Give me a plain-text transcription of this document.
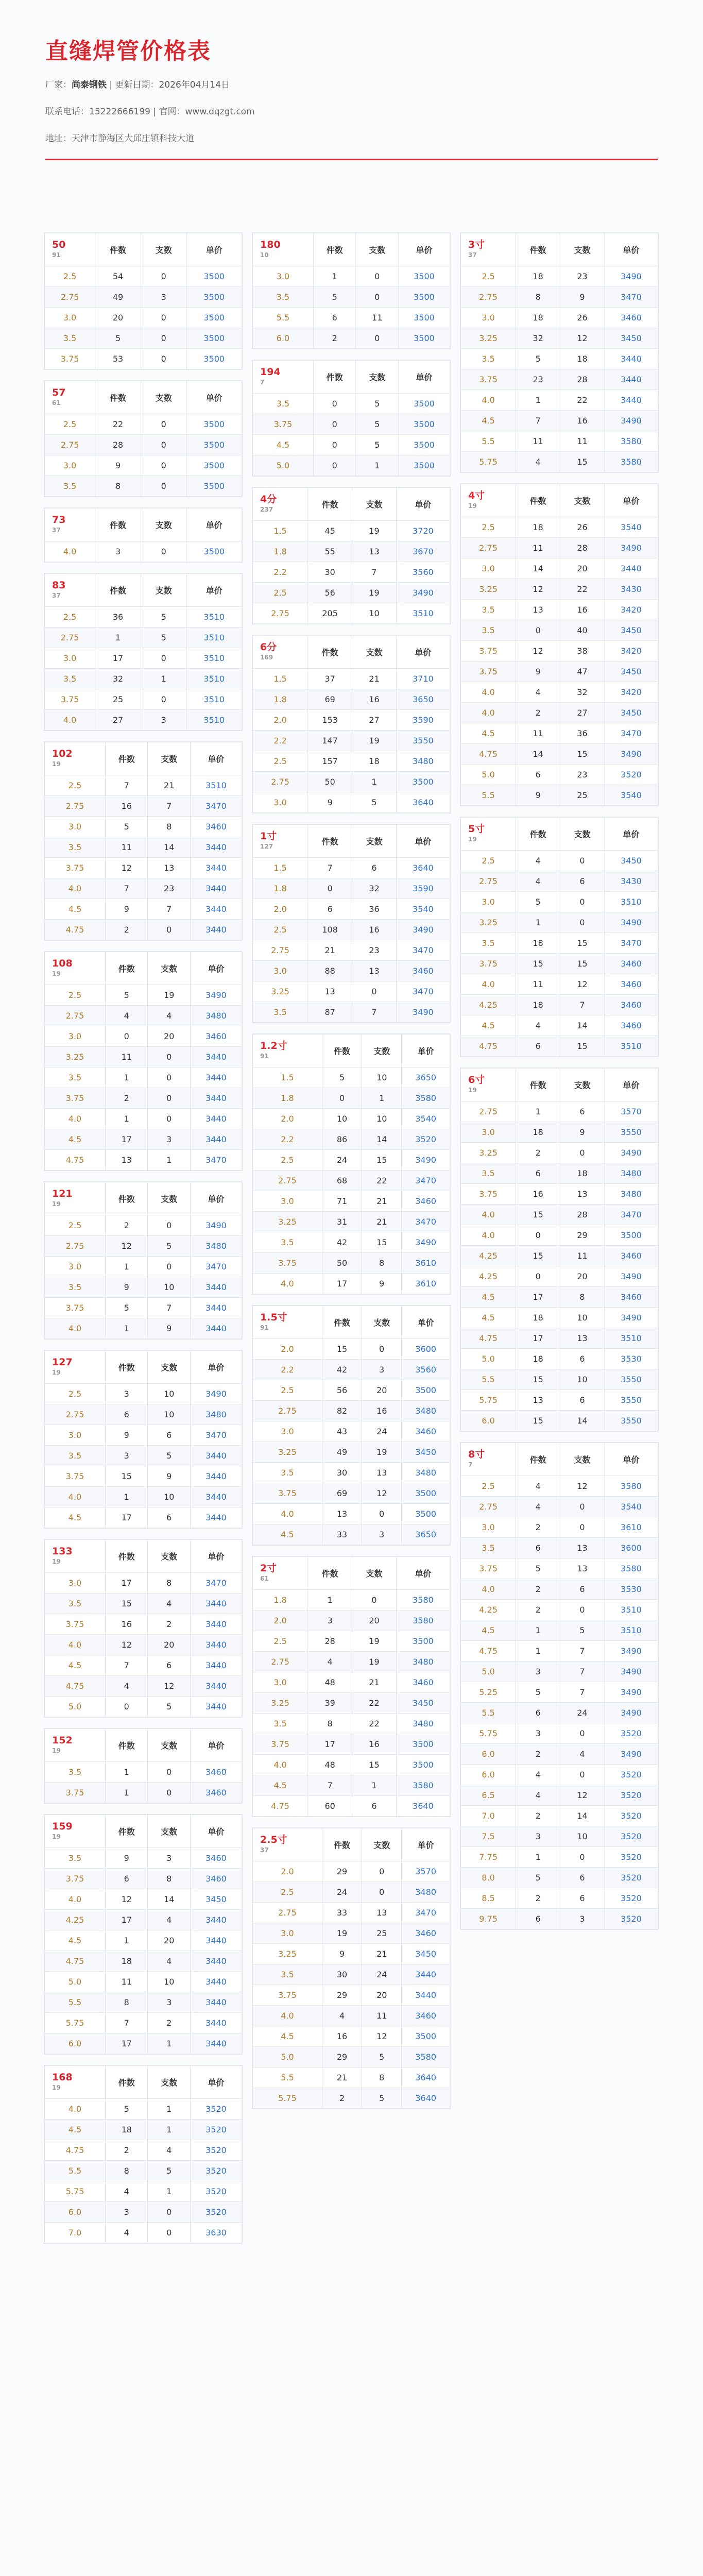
直缝焊管价格表
厂家：尚泰钢铁 | 更新日期：2026年04月14日
联系电话：15222666199 | 官网：www.dqzgt.com
地址：天津市静海区大邱庄镇科技大道
50
91	件数	支数	单价
2.5	54	0	3500
2.75	49	3	3500
3.0	20	0	3500
3.5	5	0	3500
3.75	53	0	3500
57
61	件数	支数	单价
2.5	22	0	3500
2.75	28	0	3500
3.0	9	0	3500
3.5	8	0	3500
73
37	件数	支数	单价
4.0	3	0	3500
83
37	件数	支数	单价
2.5	36	5	3510
2.75	1	5	3510
3.0	17	0	3510
3.5	32	1	3510
3.75	25	0	3510
4.0	27	3	3510
102
19	件数	支数	单价
2.5	7	21	3510
2.75	16	7	3470
3.0	5	8	3460
3.5	11	14	3440
3.75	12	13	3440
4.0	7	23	3440
4.5	9	7	3440
4.75	2	0	3440
108
19	件数	支数	单价
2.5	5	19	3490
2.75	4	4	3480
3.0	0	20	3460
3.25	11	0	3440
3.5	1	0	3440
3.75	2	0	3440
4.0	1	0	3440
4.5	17	3	3440
4.75	13	1	3470
121
19	件数	支数	单价
2.5	2	0	3490
2.75	12	5	3480
3.0	1	0	3470
3.5	9	10	3440
3.75	5	7	3440
4.0	1	9	3440
127
19	件数	支数	单价
2.5	3	10	3490
2.75	6	10	3480
3.0	9	6	3470
3.5	3	5	3440
3.75	15	9	3440
4.0	1	10	3440
4.5	17	6	3440
133
19	件数	支数	单价
3.0	17	8	3470
3.5	15	4	3440
3.75	16	2	3440
4.0	12	20	3440
4.5	7	6	3440
4.75	4	12	3440
5.0	0	5	3440
152
19	件数	支数	单价
3.5	1	0	3460
3.75	1	0	3460
159
19	件数	支数	单价
3.5	9	3	3460
3.75	6	8	3460
4.0	12	14	3450
4.25	17	4	3440
4.5	1	20	3440
4.75	18	4	3440
5.0	11	10	3440
5.5	8	3	3440
5.75	7	2	3440
6.0	17	1	3440
168
19	件数	支数	单价
4.0	5	1	3520
4.5	18	1	3520
4.75	2	4	3520
5.5	8	5	3520
5.75	4	1	3520
6.0	3	0	3520
7.0	4	0	3630
180
10	件数	支数	单价
3.0	1	0	3500
3.5	5	0	3500
5.5	6	11	3500
6.0	2	0	3500
194
7	件数	支数	单价
3.5	0	5	3500
3.75	0	5	3500
4.5	0	5	3500
5.0	0	1	3500
4分
237	件数	支数	单价
1.5	45	19	3720
1.8	55	13	3670
2.2	30	7	3560
2.5	56	19	3490
2.75	205	10	3510
6分
169	件数	支数	单价
1.5	37	21	3710
1.8	69	16	3650
2.0	153	27	3590
2.2	147	19	3550
2.5	157	18	3480
2.75	50	1	3500
3.0	9	5	3640
1寸
127	件数	支数	单价
1.5	7	6	3640
1.8	0	32	3590
2.0	6	36	3540
2.5	108	16	3490
2.75	21	23	3470
3.0	88	13	3460
3.25	13	0	3470
3.5	87	7	3490
1.2寸
91	件数	支数	单价
1.5	5	10	3650
1.8	0	1	3580
2.0	10	10	3540
2.2	86	14	3520
2.5	24	15	3490
2.75	68	22	3470
3.0	71	21	3460
3.25	31	21	3470
3.5	42	15	3490
3.75	50	8	3610
4.0	17	9	3610
1.5寸
91	件数	支数	单价
2.0	15	0	3600
2.2	42	3	3560
2.5	56	20	3500
2.75	82	16	3480
3.0	43	24	3460
3.25	49	19	3450
3.5	30	13	3480
3.75	69	12	3500
4.0	13	0	3500
4.5	33	3	3650
2寸
61	件数	支数	单价
1.8	1	0	3580
2.0	3	20	3580
2.5	28	19	3500
2.75	4	19	3480
3.0	48	21	3460
3.25	39	22	3450
3.5	8	22	3480
3.75	17	16	3500
4.0	48	15	3500
4.5	7	1	3580
4.75	60	6	3640
2.5寸
37	件数	支数	单价
2.0	29	0	3570
2.5	24	0	3480
2.75	33	13	3470
3.0	19	25	3460
3.25	9	21	3450
3.5	30	24	3440
3.75	29	20	3440
4.0	4	11	3460
4.5	16	12	3500
5.0	29	5	3580
5.5	21	8	3640
5.75	2	5	3640
3寸
37	件数	支数	单价
2.5	18	23	3490
2.75	8	9	3470
3.0	18	26	3460
3.25	32	12	3450
3.5	5	18	3440
3.75	23	28	3440
4.0	1	22	3440
4.5	7	16	3490
5.5	11	11	3580
5.75	4	15	3580
4寸
19	件数	支数	单价
2.5	18	26	3540
2.75	11	28	3490
3.0	14	20	3440
3.25	12	22	3430
3.5	13	16	3420
3.5	0	40	3450
3.75	12	38	3420
3.75	9	47	3450
4.0	4	32	3420
4.0	2	27	3450
4.5	11	36	3470
4.75	14	15	3490
5.0	6	23	3520
5.5	9	25	3540
5寸
19	件数	支数	单价
2.5	4	0	3450
2.75	4	6	3430
3.0	5	0	3510
3.25	1	0	3490
3.5	18	15	3470
3.75	15	15	3460
4.0	11	12	3460
4.25	18	7	3460
4.5	4	14	3460
4.75	6	15	3510
6寸
19	件数	支数	单价
2.75	1	6	3570
3.0	18	9	3550
3.25	2	0	3490
3.5	6	18	3480
3.75	16	13	3480
4.0	15	28	3470
4.0	0	29	3500
4.25	15	11	3460
4.25	0	20	3490
4.5	17	8	3460
4.5	18	10	3490
4.75	17	13	3510
5.0	18	6	3530
5.5	15	10	3550
5.75	13	6	3550
6.0	15	14	3550
8寸
7	件数	支数	单价
2.5	4	12	3580
2.75	4	0	3540
3.0	2	0	3610
3.5	6	13	3600
3.75	5	13	3580
4.0	2	6	3530
4.25	2	0	3510
4.5	1	5	3510
4.75	1	7	3490
5.0	3	7	3490
5.25	5	7	3490
5.5	6	24	3490
5.75	3	0	3520
6.0	2	4	3490
6.0	4	0	3520
6.5	4	12	3520
7.0	2	14	3520
7.5	3	10	3520
7.75	1	0	3520
8.0	5	6	3520
8.5	2	6	3520
9.75	6	3	3520
